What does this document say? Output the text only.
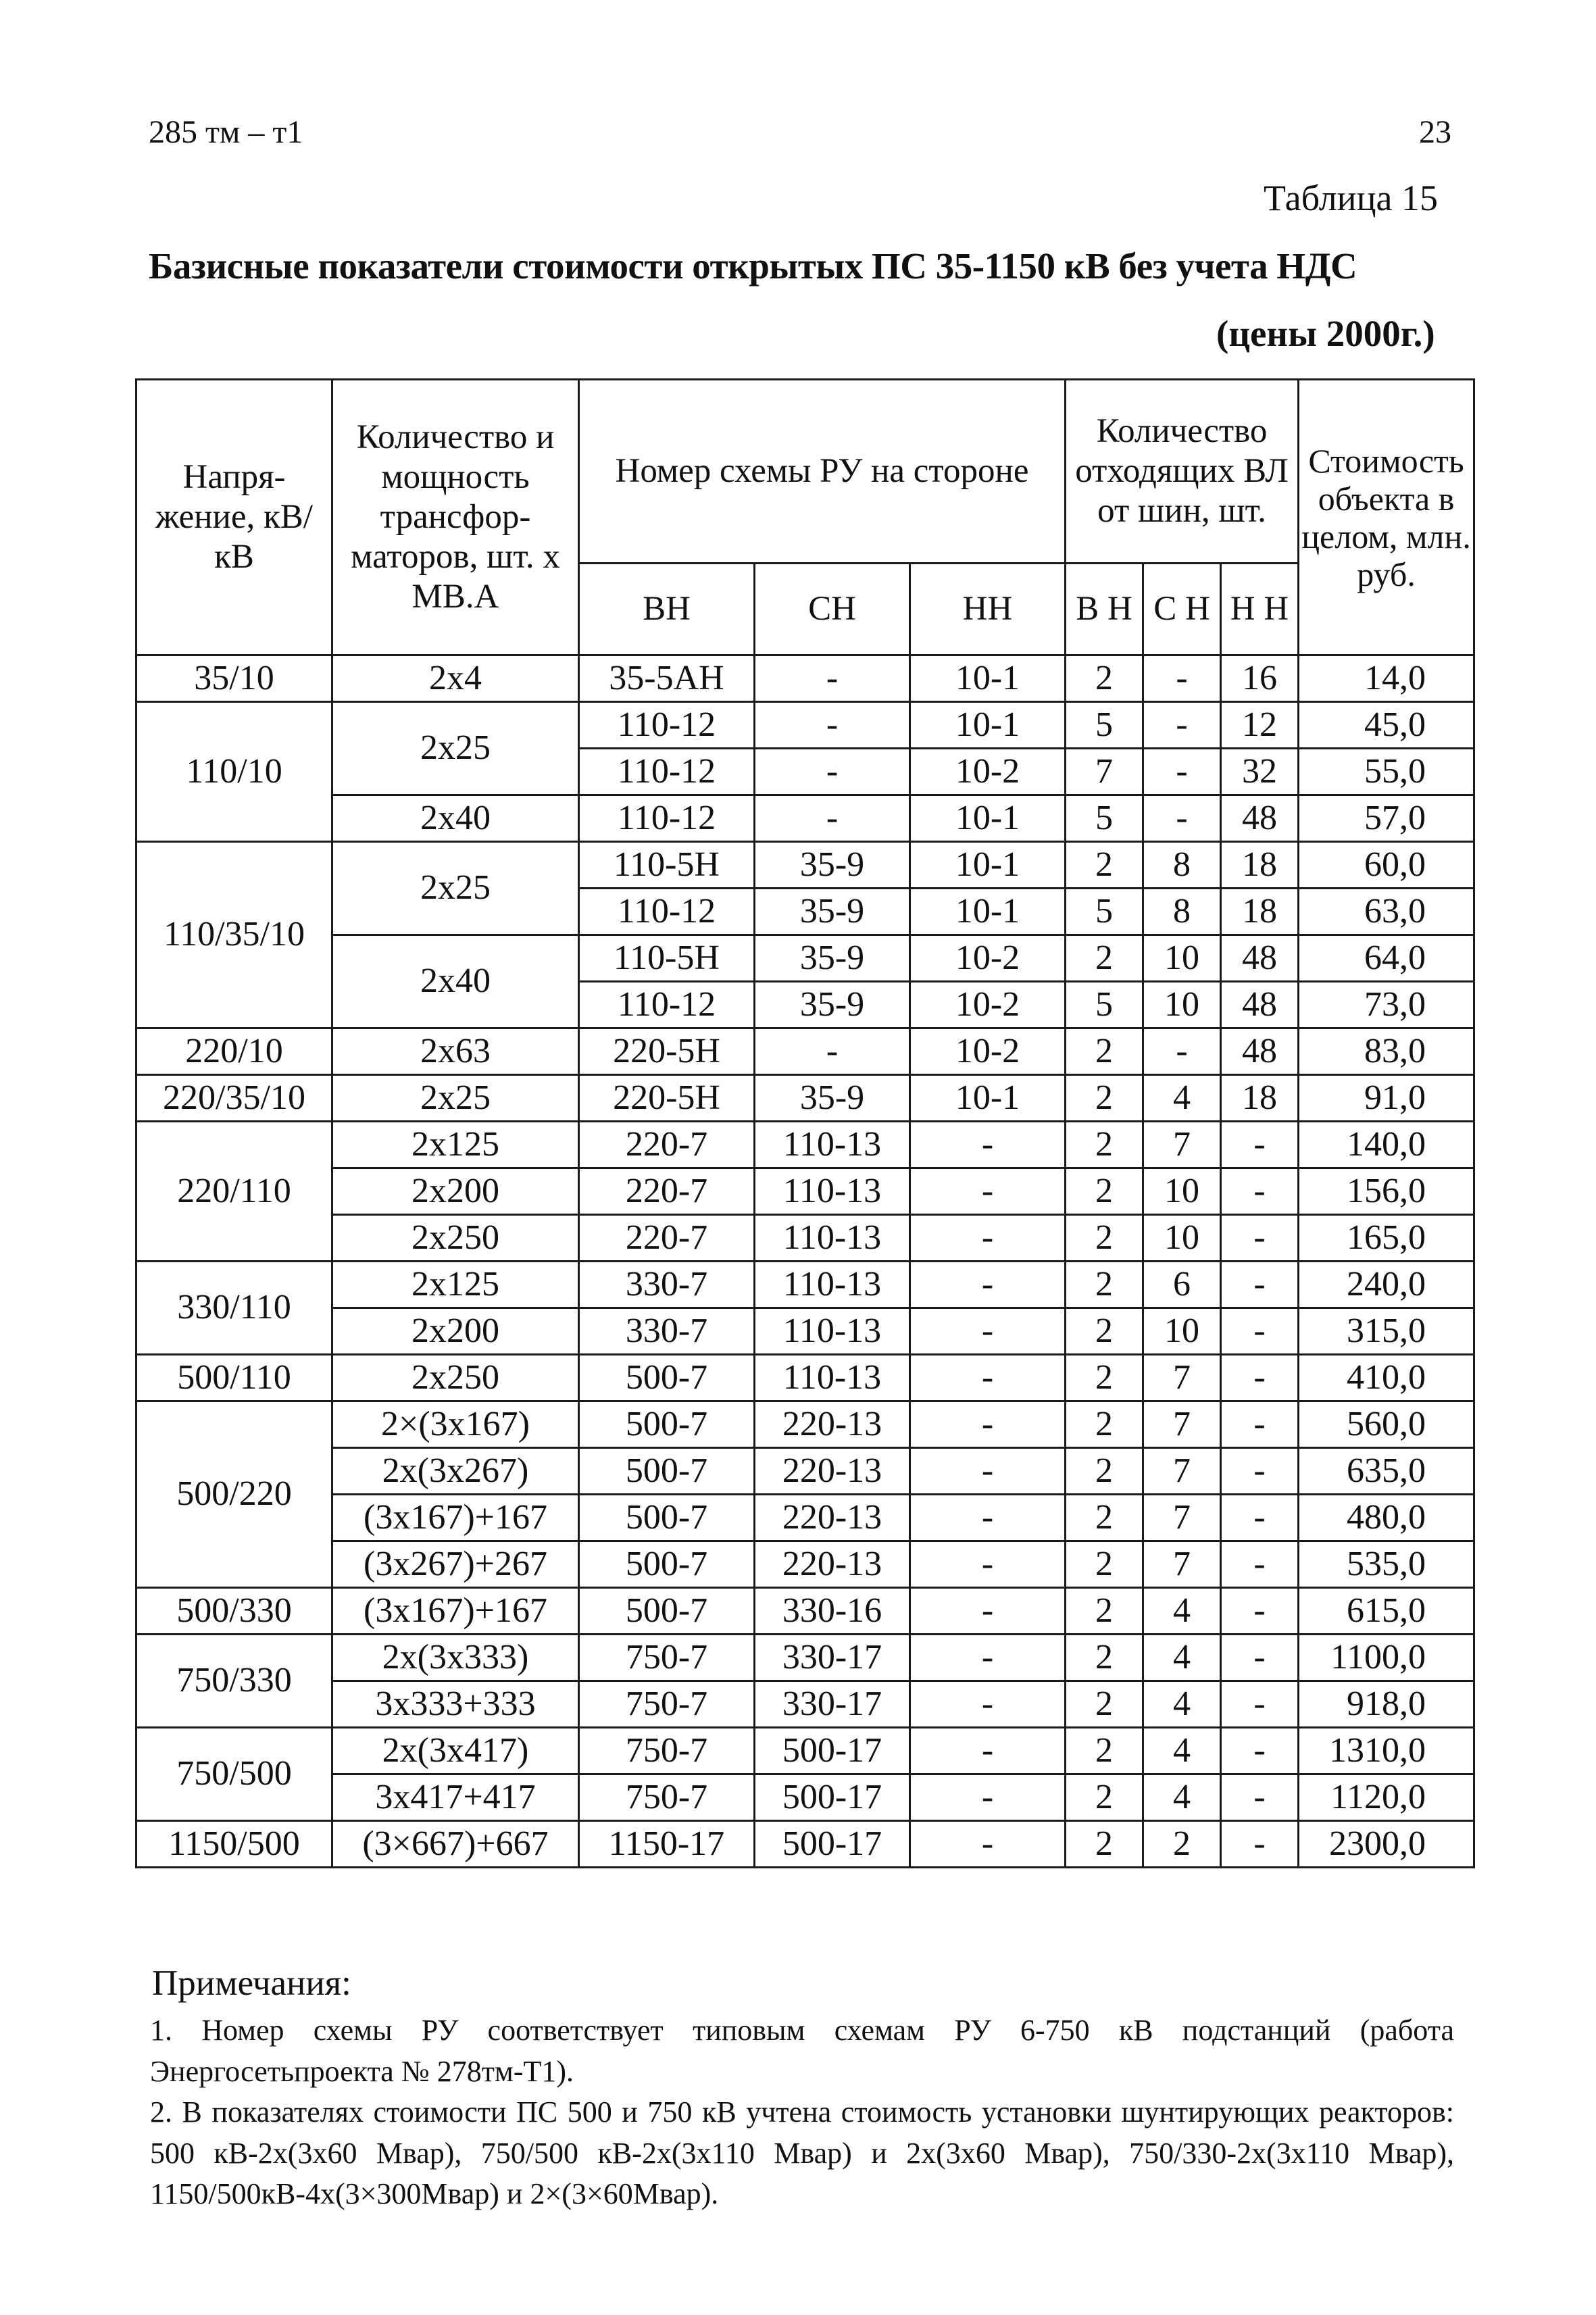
285 тм – т1	23
Таблица 15
Базисные показатели стоимости открытых ПС 35-1150 кВ без учета НДС
(цены 2000г.)
Напря-жение, кВ/кВ	Количество и мощность трансфор-маторов, шт. х МВ.А	Номер схемы РУ на стороне			Количество отходящих ВЛ от шин, шт.			Стоимость объекта в целом, млн. руб.
		ВН	СН	НН	В Н	С Н	Н Н	
35/10	2х4	35-5АН	-	10-1	2	-	16	14,0
110/10	2х25	110-12	-	10-1	5	-	12	45,0
		110-12	-	10-2	7	-	32	55,0
	2х40	110-12	-	10-1	5	-	48	57,0
110/35/10	2х25	110-5Н	35-9	10-1	2	8	18	60,0
		110-12	35-9	10-1	5	8	18	63,0
	2х40	110-5Н	35-9	10-2	2	10	48	64,0
		110-12	35-9	10-2	5	10	48	73,0
220/10	2х63	220-5Н	-	10-2	2	-	48	83,0
220/35/10	2х25	220-5Н	35-9	10-1	2	4	18	91,0
220/110	2х125	220-7	110-13	-	2	7	-	140,0
	2х200	220-7	110-13	-	2	10	-	156,0
	2х250	220-7	110-13	-	2	10	-	165,0
330/110	2х125	330-7	110-13	-	2	6	-	240,0
	2х200	330-7	110-13	-	2	10	-	315,0
500/110	2х250	500-7	110-13	-	2	7	-	410,0
500/220	2×(3х167)	500-7	220-13	-	2	7	-	560,0
	2х(3х267)	500-7	220-13	-	2	7	-	635,0
	(3х167)+167	500-7	220-13	-	2	7	-	480,0
	(3х267)+267	500-7	220-13	-	2	7	-	535,0
500/330	(3х167)+167	500-7	330-16	-	2	4	-	615,0
750/330	2х(3х333)	750-7	330-17	-	2	4	-	1100,0
	3х333+333	750-7	330-17	-	2	4	-	918,0
750/500	2х(3х417)	750-7	500-17	-	2	4	-	1310,0
	3х417+417	750-7	500-17	-	2	4	-	1120,0
1150/500	(3×667)+667	1150-17	500-17	-	2	2	-	2300,0
Примечания:
1. Номер схемы РУ соответствует типовым схемам РУ 6-750 кВ подстанций (работа Энергосетьпроекта № 278тм-Т1).
2. В показателях стоимости ПС 500 и 750 кВ учтена стоимость установки шунтирующих реакторов: 500 кВ-2х(3х60 Мвар), 750/500 кВ-2х(3х110 Мвар) и 2х(3х60 Мвар), 750/330-2х(3х110 Мвар), 1150/500кВ-4х(3×300Мвар) и 2×(3×60Мвар).
